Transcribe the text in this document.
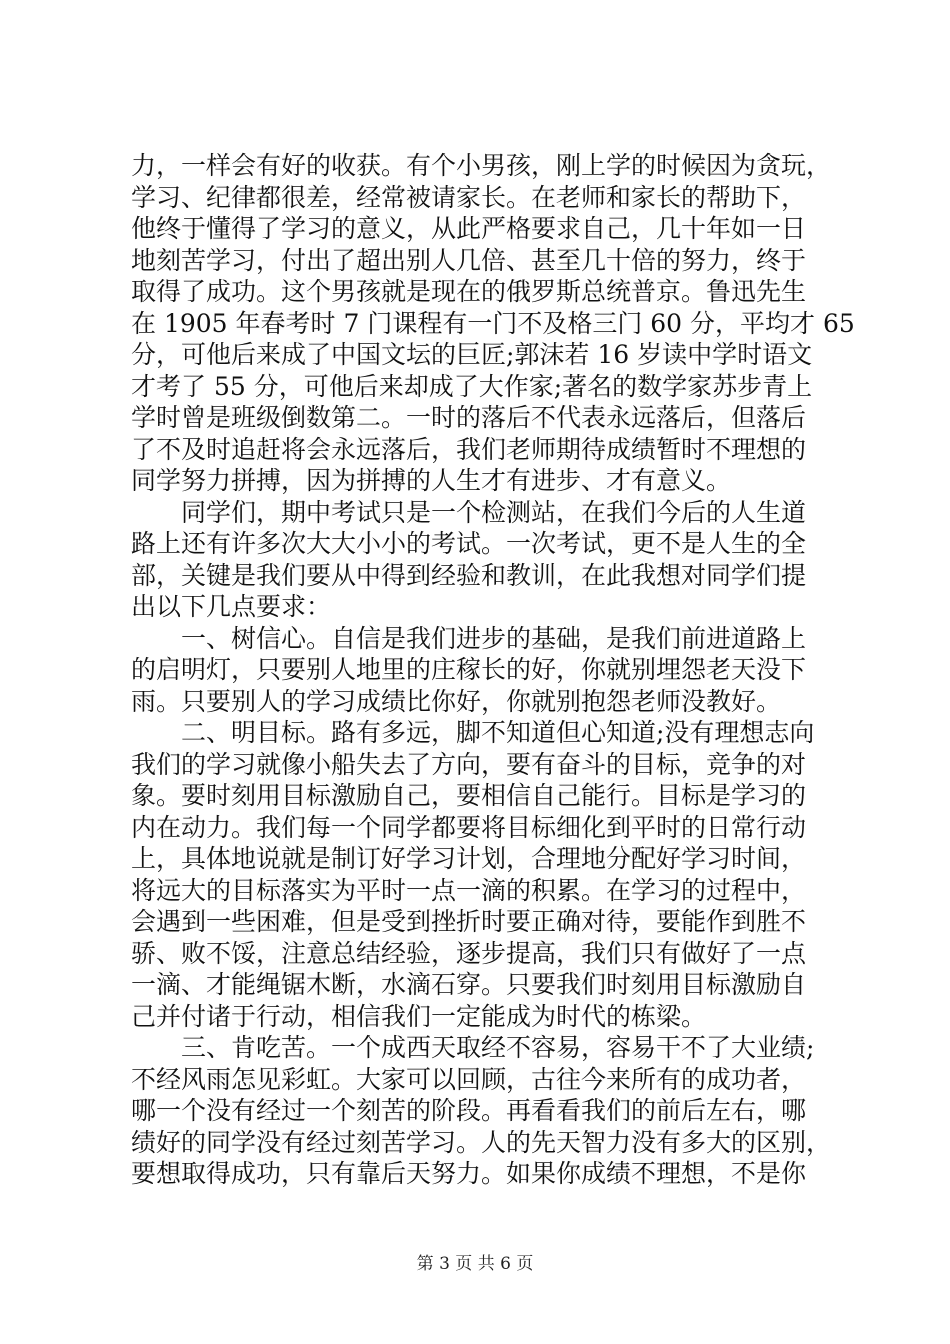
力，一样会有好的收获。有个小男孩，刚上学的时候因为贪玩，
学习、纪律都很差，经常被请家长。在老师和家长的帮助下，
他终于懂得了学习的意义，从此严格要求自己，几十年如一日
地刻苦学习，付出了超出别人几倍、甚至几十倍的努力，终于
取得了成功。这个男孩就是现在的俄罗斯总统普京。鲁迅先生
在 1905 年春考时 7 门课程有一门不及格三门 60 分，平均才 65
分，可他后来成了中国文坛的巨匠;郭沫若 16 岁读中学时语文
才考了 55 分，可他后来却成了大作家;著名的数学家苏步青上
学时曾是班级倒数第二。一时的落后不代表永远落后，但落后
了不及时追赶将会永远落后，我们老师期待成绩暂时不理想的
同学努力拼搏，因为拼搏的人生才有进步、才有意义。
　　同学们，期中考试只是一个检测站，在我们今后的人生道
路上还有许多次大大小小的考试。一次考试，更不是人生的全
部，关键是我们要从中得到经验和教训，在此我想对同学们提
出以下几点要求：
　　一、树信心。自信是我们进步的基础，是我们前进道路上
的启明灯，只要别人地里的庄稼长的好，你就别埋怨老天没下
雨。只要别人的学习成绩比你好，你就别抱怨老师没教好。
　　二、明目标。路有多远，脚不知道但心知道;没有理想志向
我们的学习就像小船失去了方向，要有奋斗的目标，竞争的对
象。要时刻用目标激励自己，要相信自己能行。目标是学习的
内在动力。我们每一个同学都要将目标细化到平时的日常行动
上，具体地说就是制订好学习计划，合理地分配好学习时间，
将远大的目标落实为平时一点一滴的积累。在学习的过程中，
会遇到一些困难，但是受到挫折时要正确对待，要能作到胜不
骄、败不馁，注意总结经验，逐步提高，我们只有做好了一点
一滴、才能绳锯木断，水滴石穿。只要我们时刻用目标激励自
己并付诸于行动，相信我们一定能成为时代的栋梁。
　　三、肯吃苦。一个成西天取经不容易，容易干不了大业绩;
不经风雨怎见彩虹。大家可以回顾，古往今来所有的成功者，
哪一个没有经过一个刻苦的阶段。再看看我们的前后左右，哪
绩好的同学没有经过刻苦学习。人的先天智力没有多大的区别，
要想取得成功，只有靠后天努力。如果你成绩不理想，不是你
第 3 页 共 6 页
